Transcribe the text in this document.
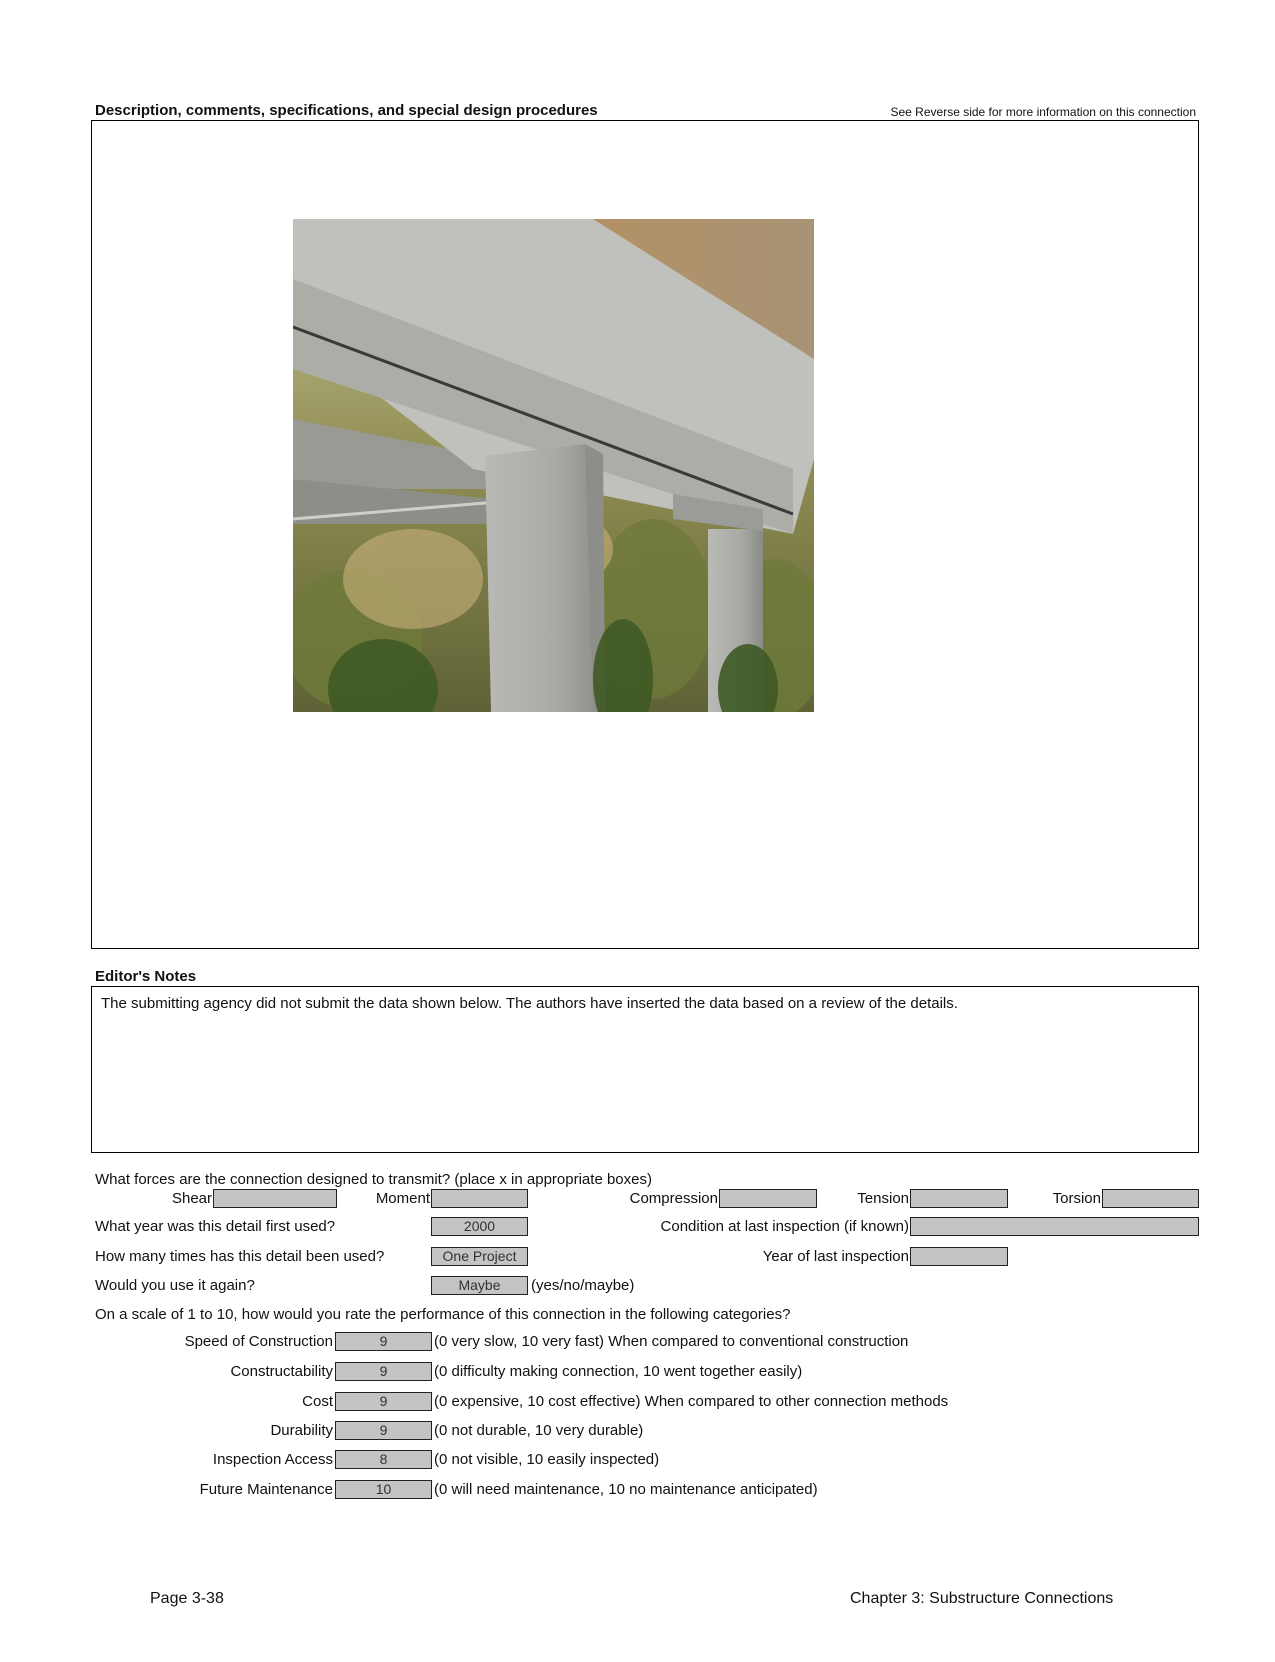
Description, comments, specifications, and special design procedures	See Reverse side for more information on this connection
Editor's Notes
The submitting agency did not submit the data shown below. The authors have inserted the data based on a review of the details.
What forces are the connection designed to transmit? (place x in appropriate boxes)
Shear	Moment	Compression	Tension	Torsion
What year was this detail first used?	2000	Condition at last inspection (if known)
How many times has this detail been used?	One Project	Year of last inspection
Would you use it again?	Maybe	(yes/no/maybe)
On a scale of 1 to 10, how would you rate the performance of this connection in the following categories?
Speed of Construction	9	(0 very slow, 10 very fast) When compared to conventional construction
Constructability	9	(0 difficulty making connection, 10 went together easily)
Cost	9	(0 expensive, 10 cost effective) When compared to other connection methods
Durability	9	(0 not durable, 10 very durable)
Inspection Access	8	(0 not visible, 10 easily inspected)
Future Maintenance	10	(0 will need maintenance, 10 no maintenance anticipated)
Page 3-38	Chapter 3: Substructure Connections
